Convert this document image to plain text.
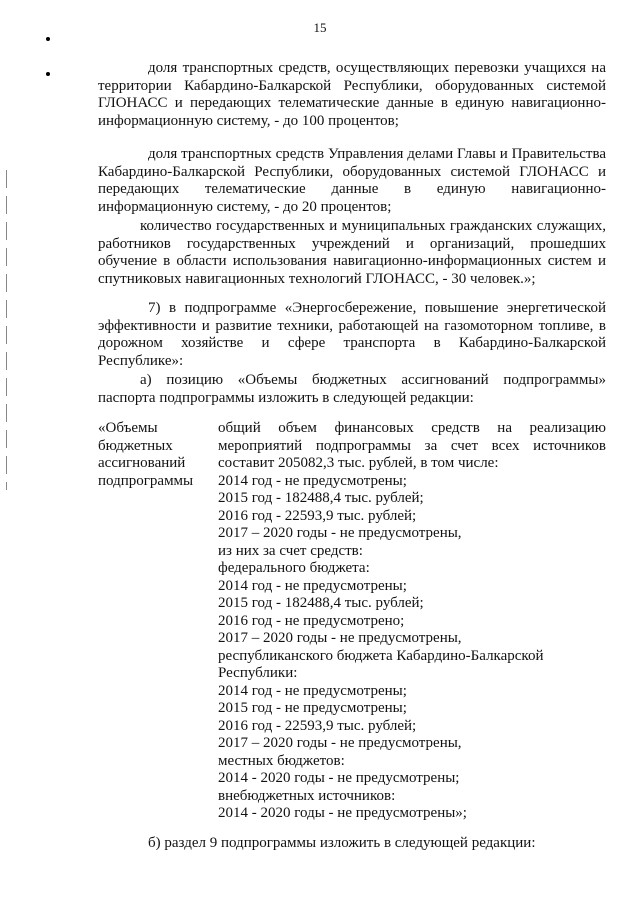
15

доля транспортных средств, осуществляющих перевозки учащихся на территории Кабардино-Балкарской Республики, оборудованных системой ГЛОНАСС и передающих телематические данные в единую навигационно-информационную систему, - до 100 процентов;

доля транспортных средств Управления делами Главы и Правительства Кабардино-Балкарской Республики, оборудованных системой ГЛОНАСС и передающих телематические данные в единую навигационно-информационную систему, - до 20 процентов;

количество государственных и муниципальных гражданских служащих, работников государственных учреждений и организаций, прошедших обучение в области использования навигационно-информационных систем и спутниковых навигационных технологий ГЛОНАСС, - 30 человек.»;

7) в подпрограмме «Энергосбережение, повышение энергетической эффективности и развитие техники, работающей на газомоторном топливе, в дорожном хозяйстве и сфере транспорта в Кабардино-Балкарской Республике»:

а) позицию «Объемы бюджетных ассигнований подпрограммы» паспорта подпрограммы изложить в следующей редакции:

«Объемы
бюджетных
ассигнований
подпрограммы

общий объем финансовых средств на реализацию мероприятий подпрограммы за счет всех источников составит 205082,3 тыс. рублей, в том числе:

2014 год - не предусмотрены;
2015 год - 182488,4 тыс. рублей;
2016 год - 22593,9 тыс. рублей;
2017 – 2020 годы - не предусмотрены,
из них за счет средств:
федерального бюджета:
2014 год - не предусмотрены;
2015 год - 182488,4 тыс. рублей;
2016 год - не предусмотрено;
2017 – 2020 годы - не предусмотрены,
республиканского бюджета Кабардино-Балкарской Республики:
2014 год - не предусмотрены;
2015 год - не предусмотрены;
2016 год - 22593,9 тыс. рублей;
2017 – 2020 годы - не предусмотрены,
местных бюджетов:
2014 - 2020 годы - не предусмотрены;
внебюджетных источников:
2014 - 2020 годы - не предусмотрены»;

б) раздел 9 подпрограммы изложить в следующей редакции:
